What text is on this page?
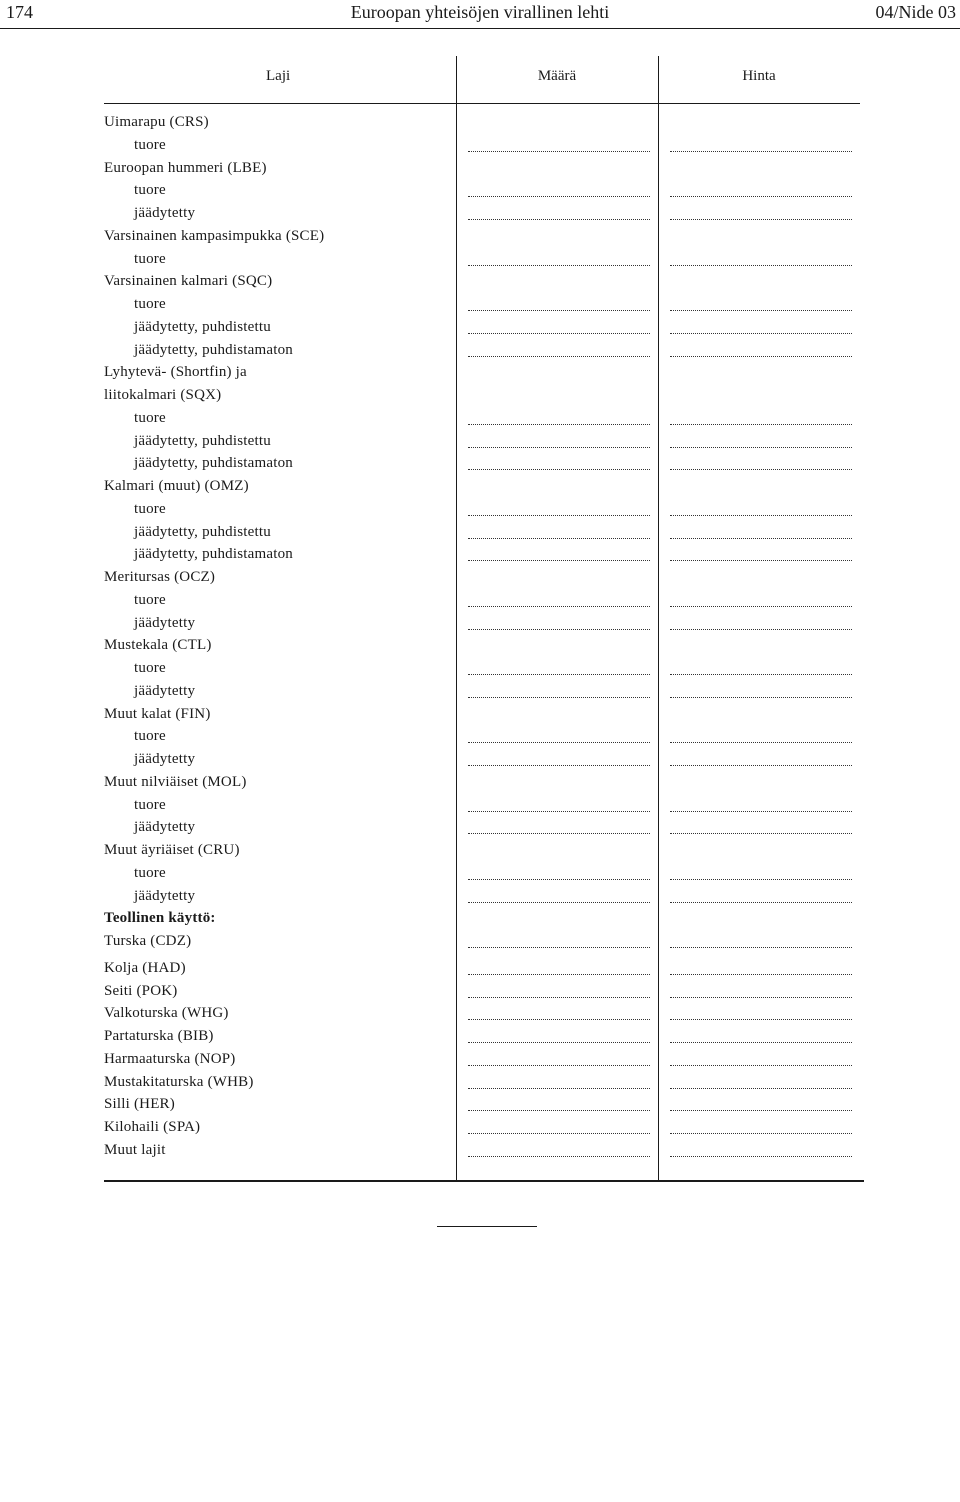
174	Euroopan yhteisöjen virallinen lehti	04/Nide 03
Laji	Määrä	Hinta
Uimarapu (CRS)
tuore
Euroopan hummeri (LBE)
tuore
jäädytetty
Varsinainen kampasimpukka (SCE)
tuore
Varsinainen kalmari (SQC)
tuore
jäädytetty, puhdistettu
jäädytetty, puhdistamaton
Lyhytevä- (Shortfin) ja
liitokalmari (SQX)
tuore
jäädytetty, puhdistettu
jäädytetty, puhdistamaton
Kalmari (muut) (OMZ)
tuore
jäädytetty, puhdistettu
jäädytetty, puhdistamaton
Meritursas (OCZ)
tuore
jäädytetty
Mustekala (CTL)
tuore
jäädytetty
Muut kalat (FIN)
tuore
jäädytetty
Muut nilviäiset (MOL)
tuore
jäädytetty
Muut äyriäiset (CRU)
tuore
jäädytetty
Teollinen käyttö:
Turska (CDZ)
Kolja (HAD)
Seiti (POK)
Valkoturska (WHG)
Partaturska (BIB)
Harmaaturska (NOP)
Mustakitaturska (WHB)
Silli (HER)
Kilohaili (SPA)
Muut lajit
